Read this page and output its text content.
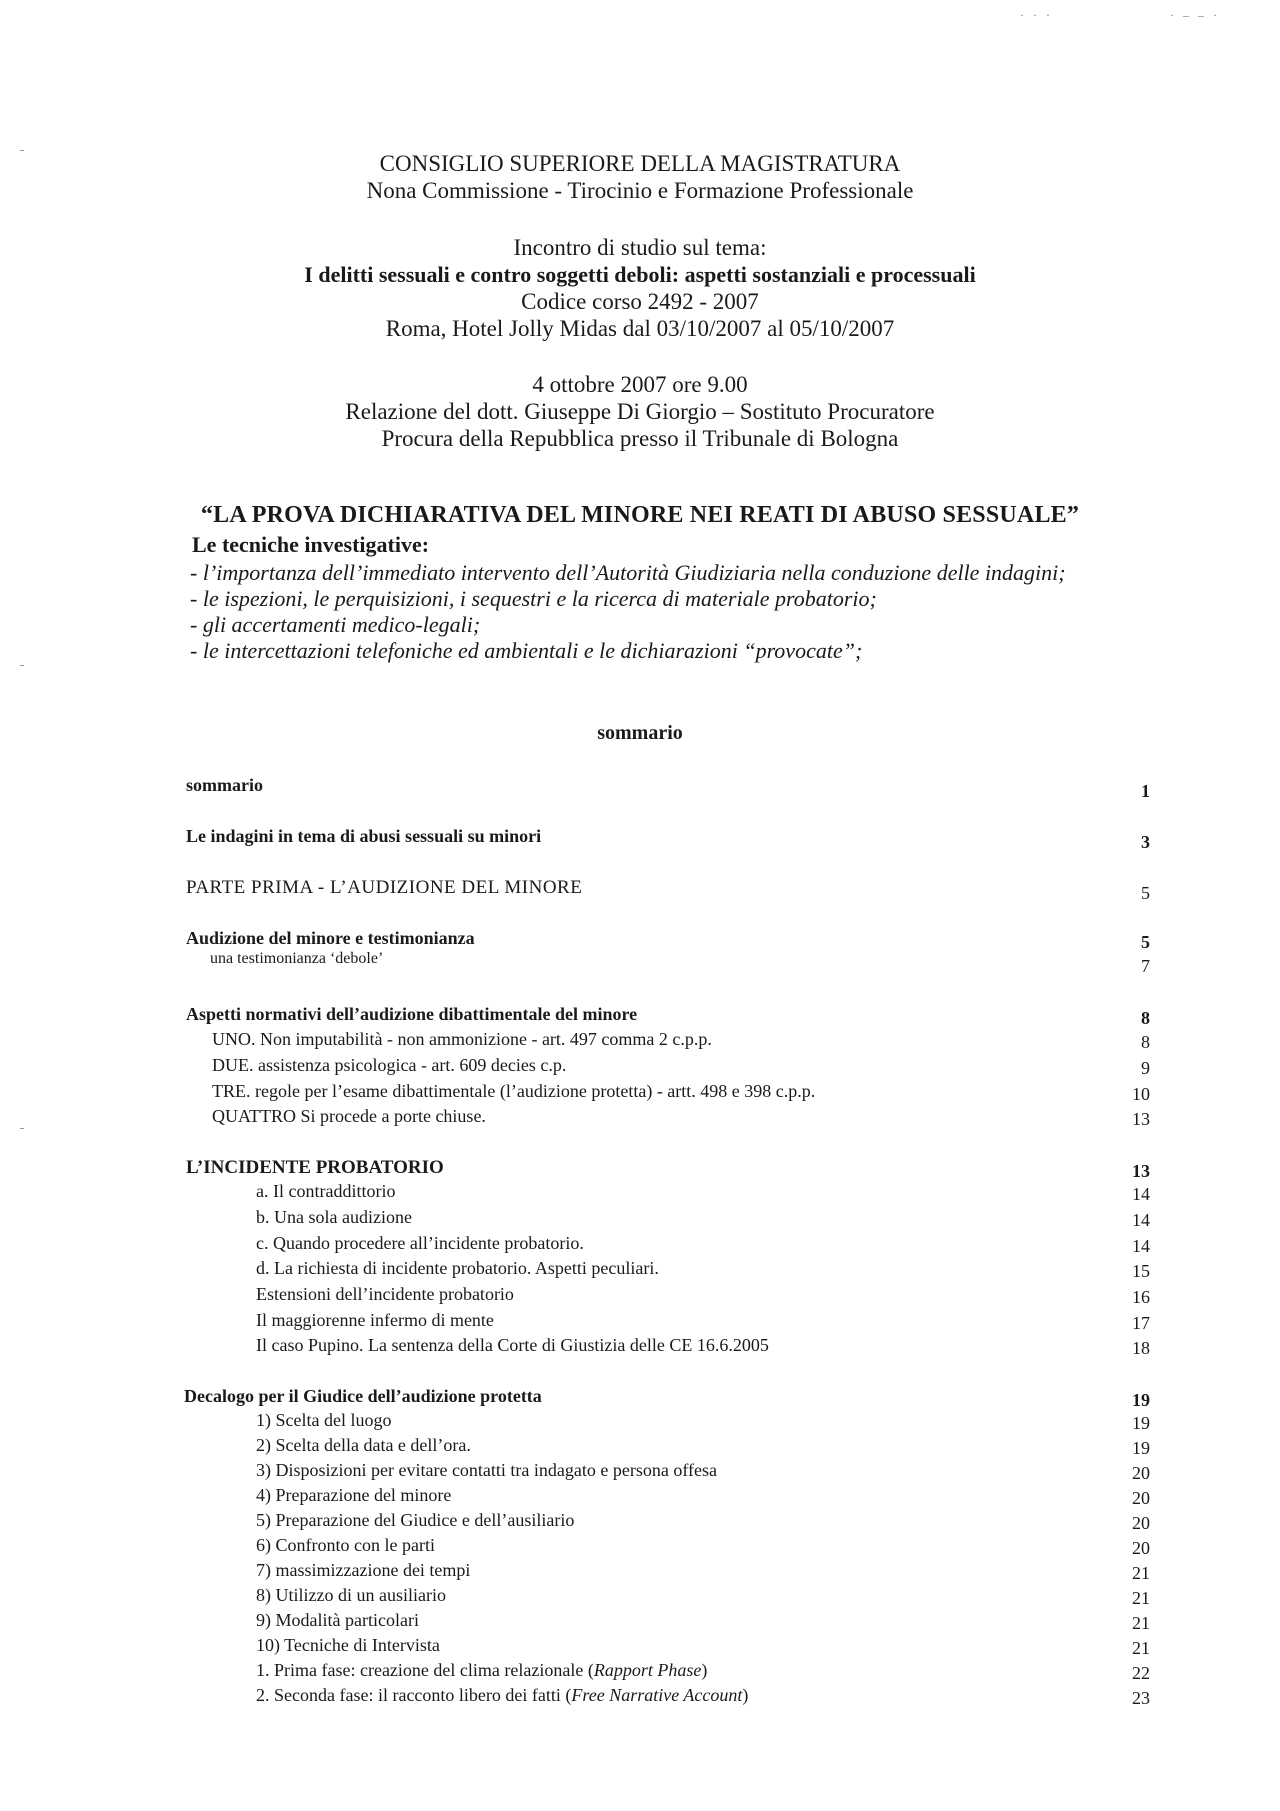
· · ·	· – – ·
CONSIGLIO SUPERIORE DELLA MAGISTRATURA
Nona Commissione - Tirocinio e Formazione Professionale
Incontro di studio sul tema:
I delitti sessuali e contro soggetti deboli: aspetti sostanziali e processuali
Codice corso 2492 - 2007
Roma, Hotel Jolly Midas dal 03/10/2007 al 05/10/2007
4 ottobre 2007 ore 9.00
Relazione del dott. Giuseppe Di Giorgio – Sostituto Procuratore
Procura della Repubblica presso il Tribunale di Bologna
“LA PROVA DICHIARATIVA DEL MINORE NEI REATI DI ABUSO SESSUALE”
Le tecniche investigative:
- l’importanza dell’immediato intervento dell’Autorità Giudiziaria nella conduzione delle indagini;
- le ispezioni, le perquisizioni, i sequestri e la ricerca di materiale probatorio;
- gli accertamenti medico-legali;
- le intercettazioni telefoniche ed ambientali e le dichiarazioni “provocate”;
sommario
sommario	1
Le indagini in tema di abusi sessuali su minori	3
PARTE PRIMA - L’AUDIZIONE DEL MINORE	5
Audizione del minore e testimonianza	5
una testimonianza ‘debole’	7
Aspetti normativi dell’audizione dibattimentale del minore	8
UNO. Non imputabilità - non ammonizione - art. 497 comma 2 c.p.p.	8
DUE. assistenza psicologica - art. 609 decies c.p.	9
TRE. regole per l’esame dibattimentale (l’audizione protetta) - artt. 498 e 398 c.p.p.	10
QUATTRO Si procede a porte chiuse.	13
L’INCIDENTE PROBATORIO	13
a. Il contraddittorio	14
b. Una sola audizione	14
c. Quando procedere all’incidente probatorio.	14
d. La richiesta di incidente probatorio. Aspetti peculiari.	15
Estensioni dell’incidente probatorio	16
Il maggiorenne infermo di mente	17
Il caso Pupino. La sentenza della Corte di Giustizia delle CE 16.6.2005	18
Decalogo per il Giudice dell’audizione protetta	19
1) Scelta del luogo	19
2) Scelta della data e dell’ora.	19
3) Disposizioni per evitare contatti tra indagato e persona offesa	20
4) Preparazione del minore	20
5) Preparazione del Giudice e dell’ausiliario	20
6) Confronto con le parti	20
7) massimizzazione dei tempi	21
8) Utilizzo di un ausiliario	21
9) Modalità particolari	21
10) Tecniche di Intervista	21
1. Prima fase: creazione del clima relazionale (Rapport Phase)	22
2. Seconda fase: il racconto libero dei fatti (Free Narrative Account)	23
